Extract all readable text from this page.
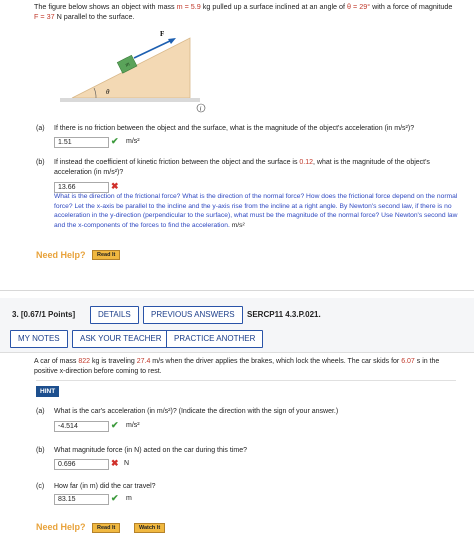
The figure below shows an object with mass m = 5.9 kg pulled up a surface inclined at an angle of θ = 29° with a force of magnitude F = 37 N parallel to the surface.
m
F
θ
i
(a) If there is no friction between the object and the surface, what is the magnitude of the object's acceleration (in m/s²)?
1.51	✔ m/s²
(b) If instead the coefficient of kinetic friction between the object and the surface is 0.12, what is the magnitude of the object's acceleration (in m/s²)?
13.66	✖
What is the direction of the frictional force? What is the direction of the normal force? How does the frictional force depend on the normal force? Let the x-axis be parallel to the incline and the y-axis rise from the incline at a right angle. By Newton's second law, if there is no acceleration in the y-direction (perpendicular to the surface), what must be the magnitude of the normal force? Use Newton's second law and the x-components of the forces to find the acceleration. m/s²
Need Help?	Read It
3. [0.67/1 Points]	DETAILS	PREVIOUS ANSWERS	SERCP11 4.3.P.021.
MY NOTES	ASK YOUR TEACHER	PRACTICE ANOTHER
A car of mass 822 kg is traveling 27.4 m/s when the driver applies the brakes, which lock the wheels. The car skids for 6.07 s in the positive x-direction before coming to rest.
HINT
(a) What is the car's acceleration (in m/s²)? (Indicate the direction with the sign of your answer.)
-4.514	✔ m/s²
(b) What magnitude force (in N) acted on the car during this time?
0.696	✖ N
(c) How far (in m) did the car travel?
83.15	✔ m
Need Help?	Read It	Watch It
